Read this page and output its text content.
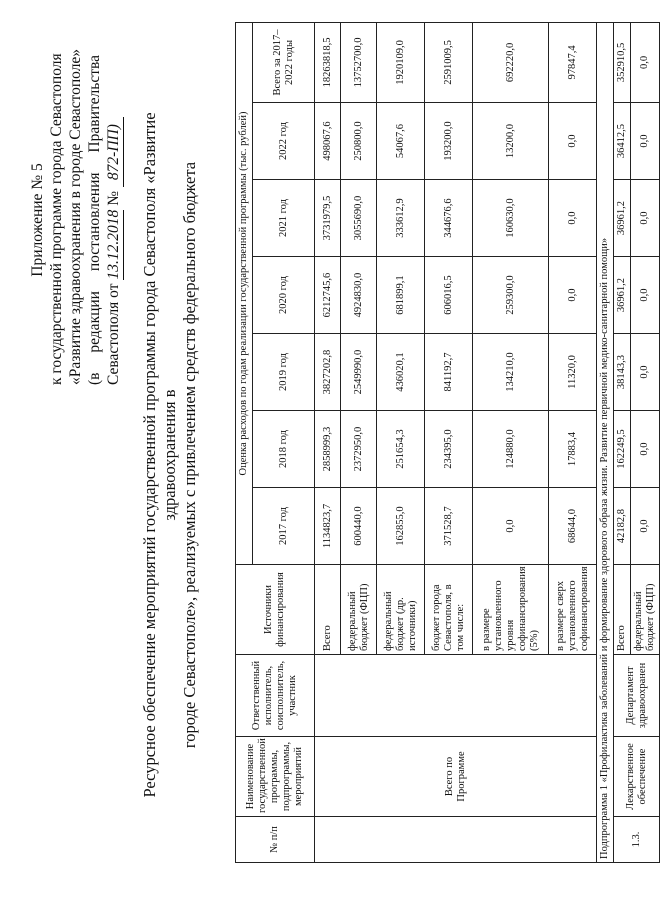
Приложение № 5 к государственной программе города Севастополя «Развитие здравоохранения в городе Севастополе» (в
редакции
постановления
Правительства
Севастополя от 13.12.2018 № 872-ПП) Ресурсное обеспечение мероприятий государственной программы города Севастополя «Развитие здравоохранения в городе Севастополе», реализуемых с привлечением средств федерального бюджета
№ п/п	Наименование государственной программы, подпрограммы, мероприятий	Ответственный исполнитель, соисполнитель, участник	Источники финансирования	Оценка расходов по годам реализации государственной программы (тыс. рублей)						
				2017 год	2018 год	2019 год	2020 год	2021 год	2022 год	Всего за 2017–2022 годы
	Всего по Программе		Всего	1134823,7	2858999,3	3827202,8	6212745,6	3731979,5	498067,6	18263818,5
			федеральный бюджет (ФЦП)	600440,0	2372950,0	2549990,0	4924830,0	3055690,0	250800,0	13752700,0
			федеральный бюджет (др. источники)	162855,0	251654,3	436020,1	681899,1	333612,9	54067,6	1920109,0
			бюджет города Севастополя, в том числе:	371528,7	234395,0	841192,7	606016,5	344676,6	193200,0	2591009,5
			в размере установленного уровня софинансирования (5%)	0,0	124880,0	134210,0	259300,0	160630,0	13200,0	692220,0
			в размере сверх установленного софинансирования	68644,0	17883,4	11320,0	0,0	0,0	0,0	97847,4
Подпрограмма 1 «Профилактика заболеваний и формирование здорового образа жизни. Развитие первичной медико-санитарной помощи»										
1.3.	Лекарственное обеспечение	Департамент здравоохранен	Всего	42182,8	162249,5	38143,3	36961,2	36961,2	36412,5	352910,5
			федеральный бюджет (ФЦП)	0,0	0,0	0,0	0,0	0,0	0,0	0,0
